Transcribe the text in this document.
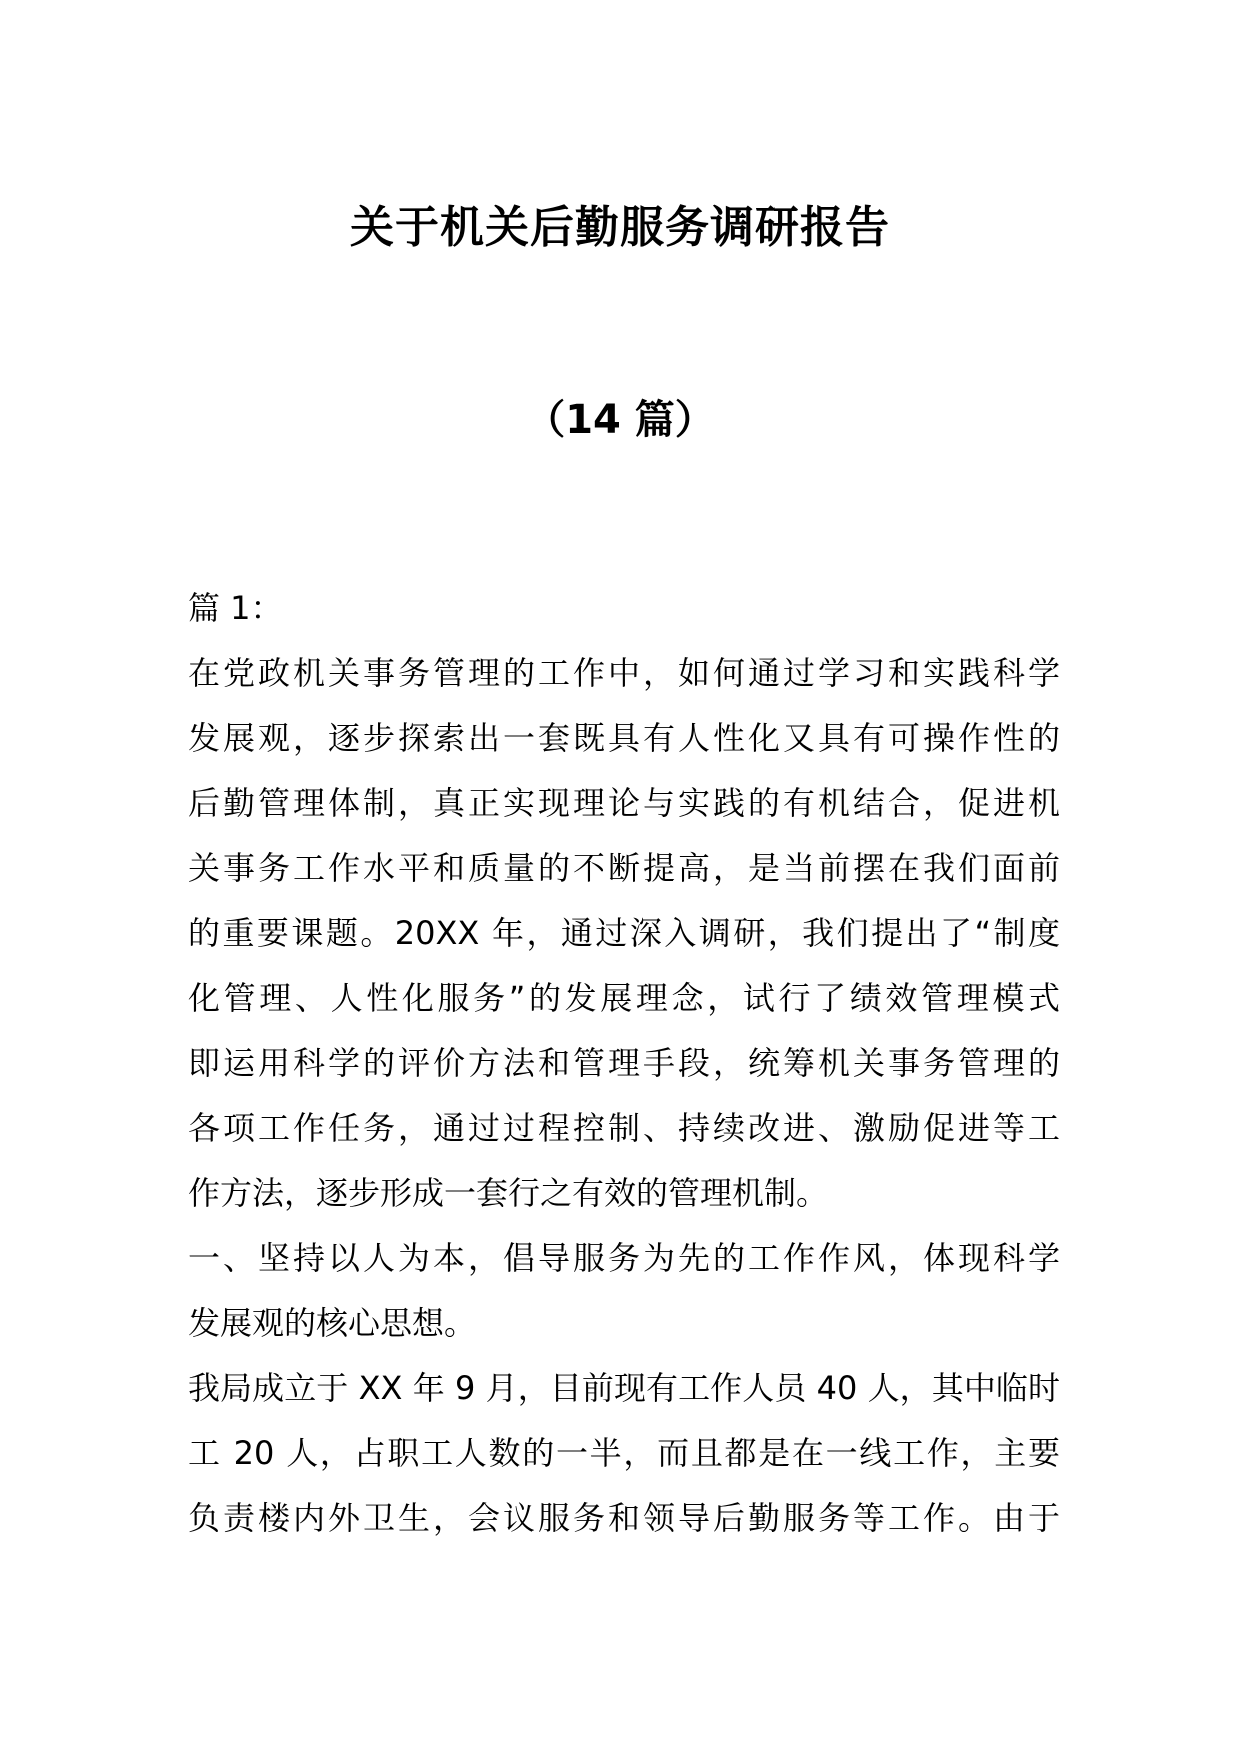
关于机关后勤服务调研报告
（14 篇）
篇 1：
在党政机关事务管理的工作中，如何通过学习和实践科学
发展观，逐步探索出一套既具有人性化又具有可操作性的
后勤管理体制，真正实现理论与实践的有机结合，促进机
关事务工作水平和质量的不断提高，是当前摆在我们面前
的重要课题。20XX 年，通过深入调研，我们提出了“制度
化管理、人性化服务”的发展理念，试行了绩效管理模式
即运用科学的评价方法和管理手段，统筹机关事务管理的
各项工作任务，通过过程控制、持续改进、激励促进等工
作方法，逐步形成一套行之有效的管理机制。
一、坚持以人为本，倡导服务为先的工作作风，体现科学
发展观的核心思想。
我局成立于 XX 年 9 月，目前现有工作人员 40 人，其中临时
工 20 人，占职工人数的一半，而且都是在一线工作，主要
负责楼内外卫生，会议服务和领导后勤服务等工作。由于
